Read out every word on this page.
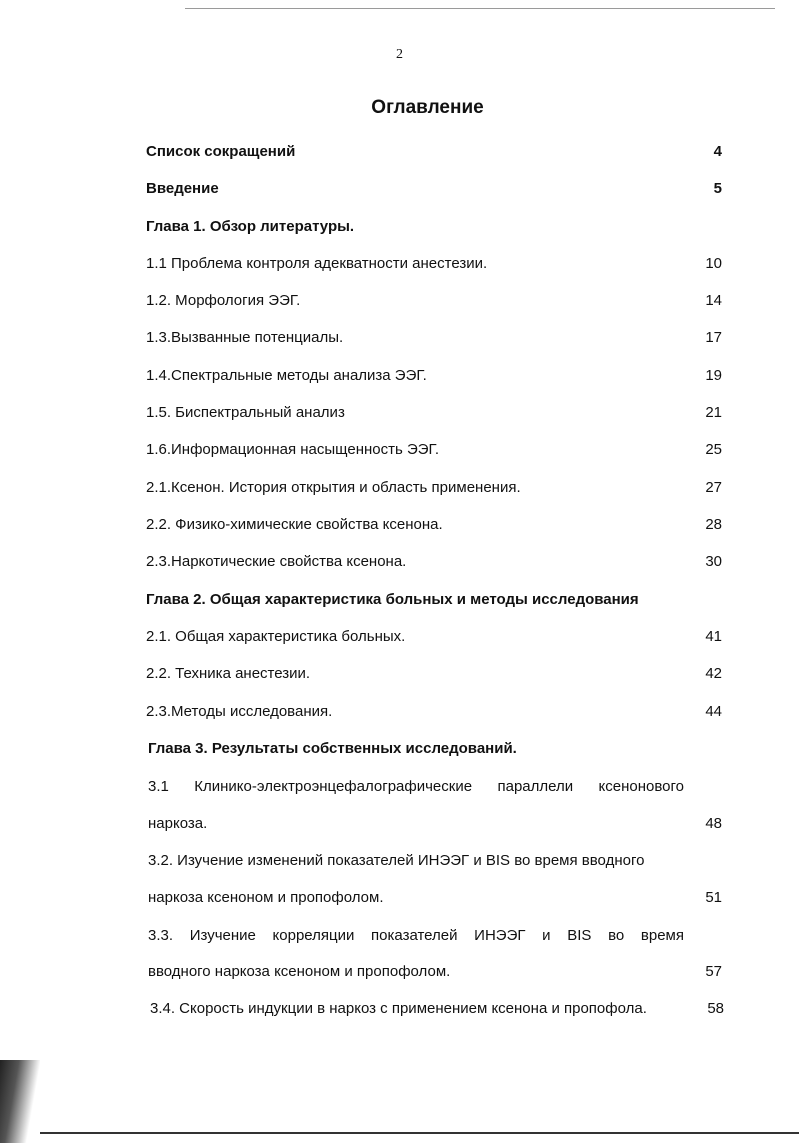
2
Оглавление
Список сокращений	4
Введение	5
Глава 1. Обзор литературы.
1.1 Проблема контроля адекватности анестезии.	10
1.2. Морфология ЭЭГ.	14
1.3.Вызванные потенциалы.	17
1.4.Спектральные методы анализа ЭЭГ.	19
1.5. Биспектральный анализ	21
1.6.Информационная насыщенность ЭЭГ.	25
2.1.Ксенон. История открытия и область применения.	27
2.2. Физико-химические свойства ксенона.	28
2.3.Наркотические свойства ксенона.	30
Глава 2. Общая характеристика больных и методы исследования
2.1. Общая характеристика больных.	41
2.2. Техника анестезии.	42
2.3.Методы исследования.	44
Глава 3. Результаты собственных исследований.
3.1 Клинико-электроэнцефалографические параллели ксенонового
наркоза.	48
3.2. Изучение изменений показателей ИНЭЭГ и BIS во время вводного
наркоза ксеноном и пропофолом.	51
3.3. Изучение корреляции показателей ИНЭЭГ и BIS во время
вводного наркоза ксеноном и пропофолом.	57
3.4. Скорость индукции в наркоз с применением ксенона и пропофола.	58
